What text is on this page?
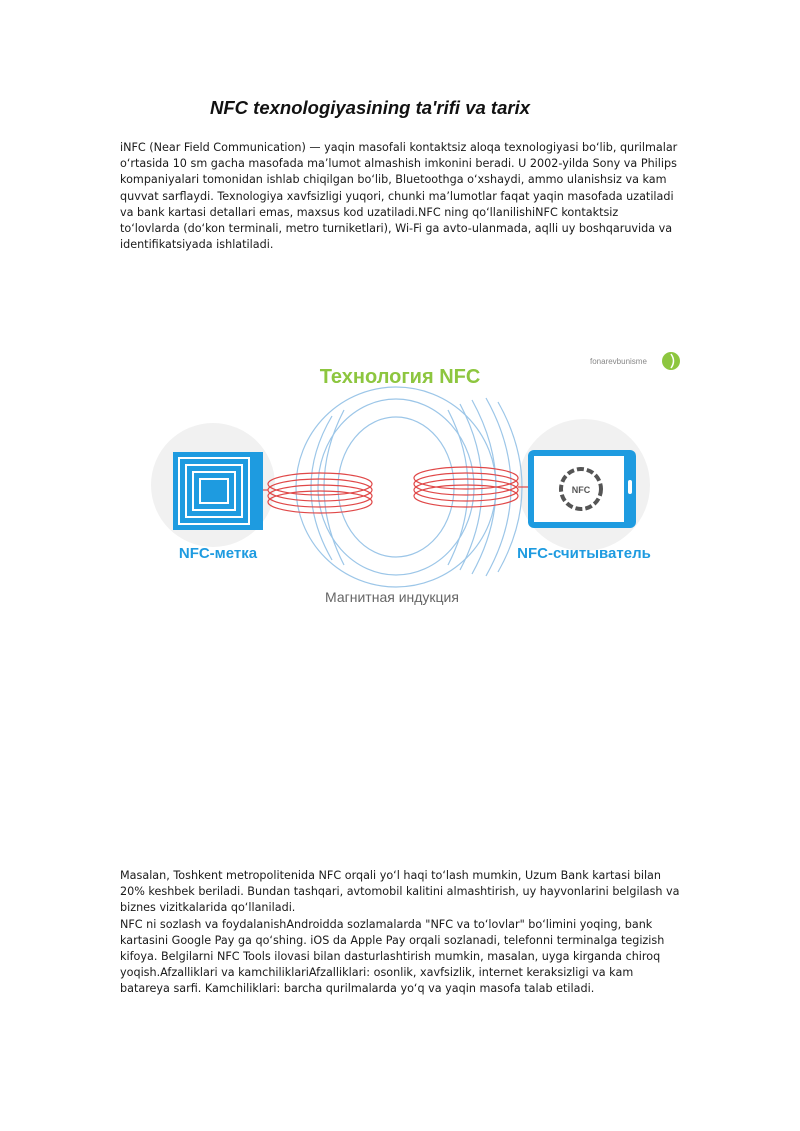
NFC texnologiyasining ta'rifi va tarix

iNFC (Near Field Communication) — yaqin masofali kontaktsiz aloqa texnologiyasi bo‘lib, qurilmalar o‘rtasida 10 sm gacha masofada ma’lumot almashish imkonini beradi. U 2002-yilda Sony va Philips kompaniyalari tomonidan ishlab chiqilgan bo‘lib, Bluetoothga o‘xshaydi, ammo ulanishsiz va kam quvvat sarflaydi. Texnologiya xavfsizligi yuqori, chunki ma’lumotlar faqat yaqin masofada uzatiladi va bank kartasi detallari emas, maxsus kod uzatiladi.NFC ning qo‘llanilishiNFC kontaktsiz to‘lovlarda (do‘kon terminali, metro turniketlari), Wi-Fi ga avto-ulanmada, aqlli uy boshqaruvida va identifikatsiyada ishlatiladi.

fonarevbunisme
Технология NFC
NFC
NFC-метка	NFC-считыватель
Магнитная индукция
Masalan, Toshkent metropolitenida NFC orqali yo‘l haqi to‘lash mumkin, Uzum Bank kartasi bilan 20% keshbek beriladi. Bundan tashqari, avtomobil kalitini almashtirish, uy hayvonlarini belgilash va biznes vizitkalarida qo‘llaniladi.
NFC ni sozlash va foydalanishAndroidda sozlamalarda "NFC va to‘lovlar" bo‘limini yoqing, bank kartasini Google Pay ga qo‘shing. iOS da Apple Pay orqali sozlanadi, telefonni terminalga tegizish kifoya. Belgilarni NFC Tools ilovasi bilan dasturlashtirish mumkin, masalan, uyga kirganda chiroq yoqish.Afzalliklari va kamchiliklariAfzalliklari: osonlik, xavfsizlik, internet keraksizligi va kam batareya sarfi. Kamchiliklari: barcha qurilmalarda yo‘q va yaqin masofa talab etiladi.
